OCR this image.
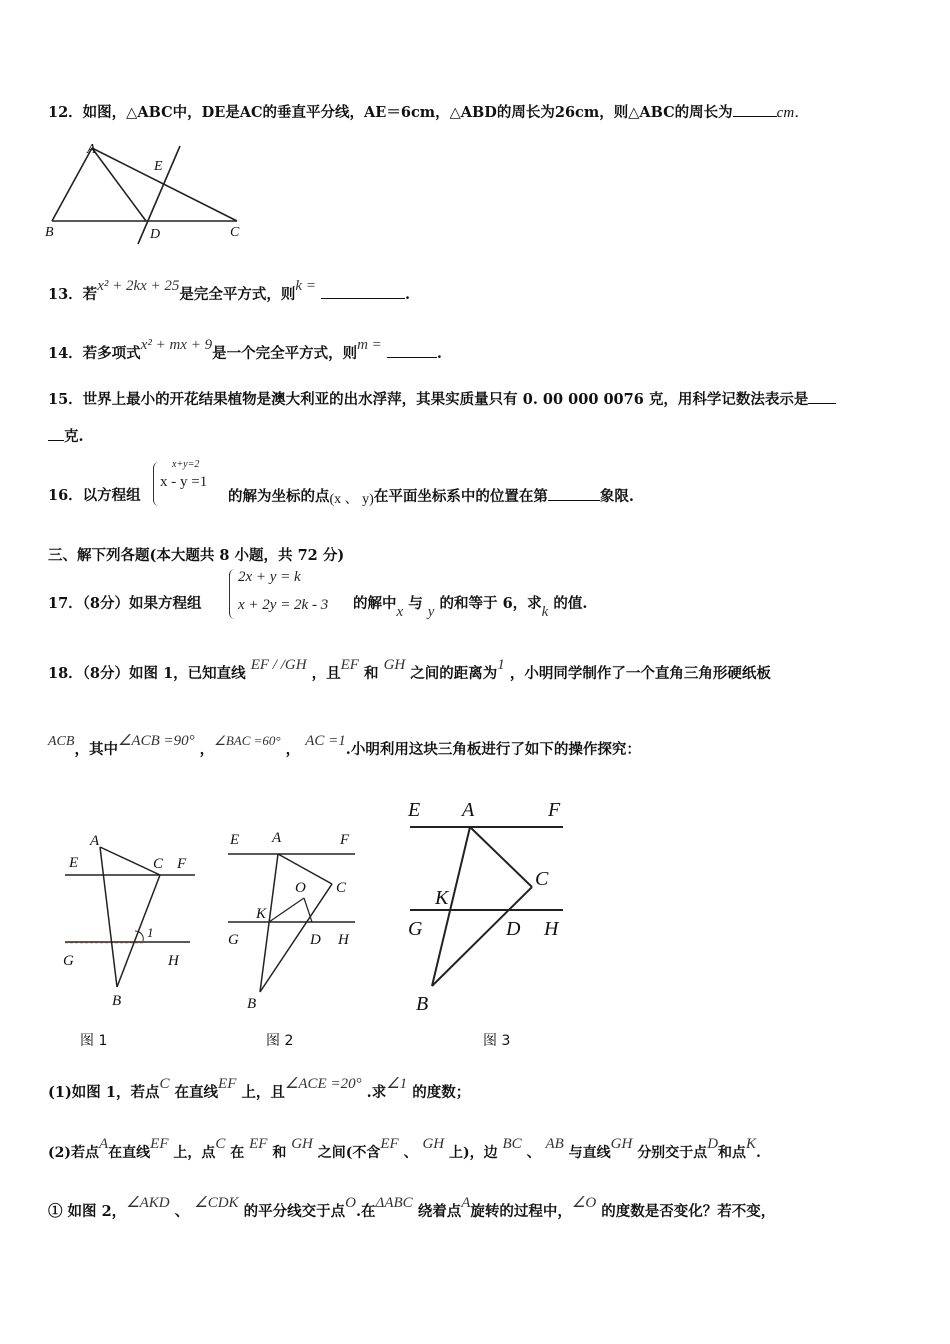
12．如图，△ABC中，DE是AC的垂直平分线，AE＝6cm，△ABD的周长为26cm，则△ABC的周长为	cm．
A
E
B	D	C
13．若x² + 2kx + 25是完全平方式，则k =	.
14．若多项式x² + mx + 9是一个完全平方式，则m =	.
15．世界上最小的开花结果植物是澳大利亚的出水浮萍，其果实质量只有 0. 00 000 0076 克，用科学记数法表示是
克.
16．以方程组
x+y=2
x - y =1
的解为坐标的点(x 、 y)在平面坐标系中的位置在第	象限.
三、解下列各题(本大题共 8 小题，共 72 分)
17．（8分）如果方程组
2x + y = k
x + 2y = 2k - 3 的解中x 与 y 的和等于 6，求k 的值.
18．（8分）如图 1，已知直线 EF / /GH ，且EF 和 GH 之间的距离为1 ，小明同学制作了一个直角三角形硬纸板
ACB，其中∠ACB =90° ，∠BAC =60° ， AC =1.小明利用这块三角板进行了如下的操作探究：
A
E	C F
1
G	H
B
图 1
A
E	F
O C
K
G	D H
B
图 2
E A	F
C
K
G	D H
B
图 3
(1)如图 1，若点C 在直线EF 上，且∠ACE =20° .求∠1 的度数；
(2)若点A在直线EF 上，点C 在 EF 和 GH 之间(不含EF 、 GH 上)，边 BC 、 AB 与直线GH 分别交于点D和点K.
① 如图 2，∠AKD 、 ∠CDK 的平分线交于点O.在ΔABC 绕着点A旋转的过程中，∠O 的度数是否变化？若不变，
